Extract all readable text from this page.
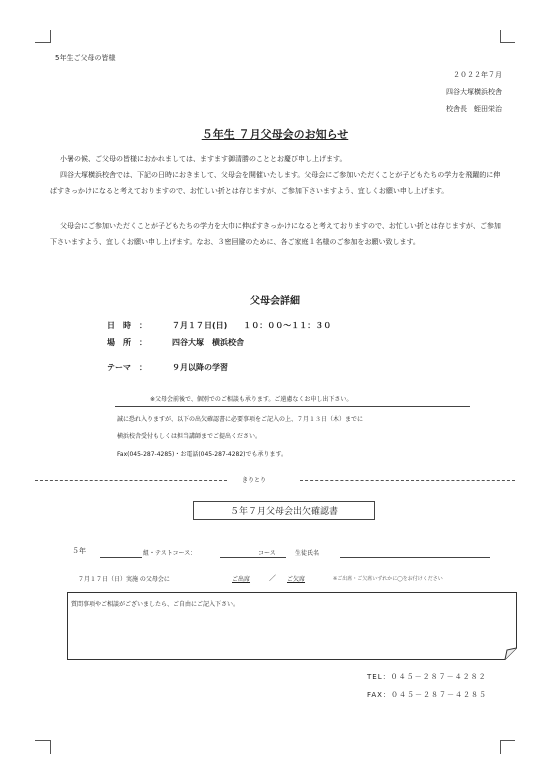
5年生ご父母の皆様
２０２２年７月
四谷大塚横浜校舎
校舎長　蛭田栄治
５年生 ７月父母会のお知らせ
小暑の候、ご父母の皆様におかれましては、ますます御清勝のこととお慶び申し上げます。
四谷大塚横浜校舎では、下記の日時におきまして、父母会を開催いたします。父母会にご参加いただくことが子どもたちの学力を飛躍的に伸ばすきっかけになると考えておりますので、お忙しい折とは存じますが、ご参加下さいますよう、宜しくお願い申し上げます。
父母会にご参加いただくことが子どもたちの学力を大巾に伸ばすきっかけになると考えておりますので、お忙しい折とは存じますが、ご参加下さいますよう、宜しくお願い申し上げます。なお、３密回避のために、各ご家庭１名様のご参加をお願い致します。
父母会詳細
日　時　：	７月１７日(日)　　１０：００～１１：３０
場　所　：	四谷大塚　横浜校舎
テーマ　：	９月以降の学習
※父母会前後で、個別でのご相談も承ります。ご遠慮なくお申し出下さい。
誠に恐れ入りますが、以下の出欠確認書に必要事項をご記入の上、７月１３日（木）までに
横浜校舎受付もしくは担当講師までご提出ください。
Fax(045-287-4285)・お電話(045-287-4282)でも承ります。
きりとり
５年７月父母会出欠確認書
５年	組・テストコース：	コース	生徒氏名
７月１７日（日）実施 の父母会に	ご出席	／ ご欠席	※ご出席・ご欠席いずれかに◯をお付けください
質問事項やご相談がございましたら、ご自由にご記入下さい。
TEL：０４５－２８７－４２８２
FAX：０４５－２８７－４２８５
